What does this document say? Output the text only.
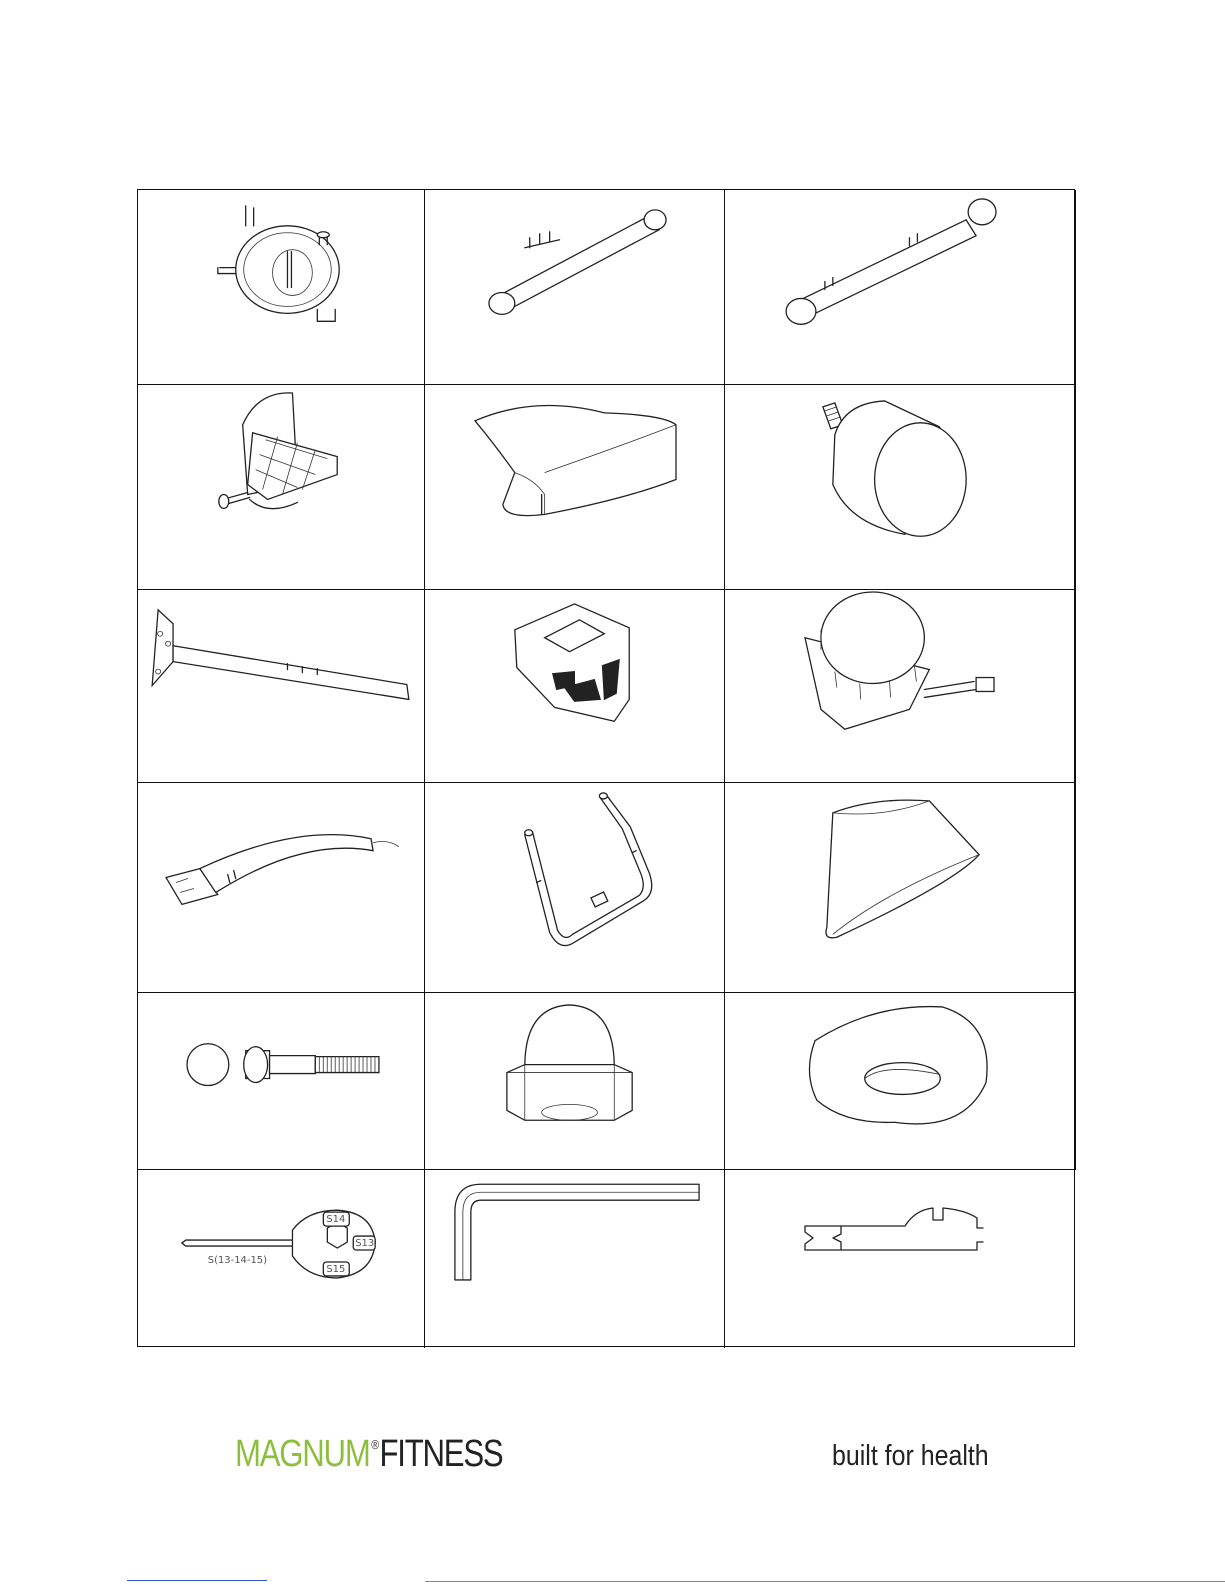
S(13-14-15)
S14
S13
S15
MAGNUM ®FITNESS	built for health
